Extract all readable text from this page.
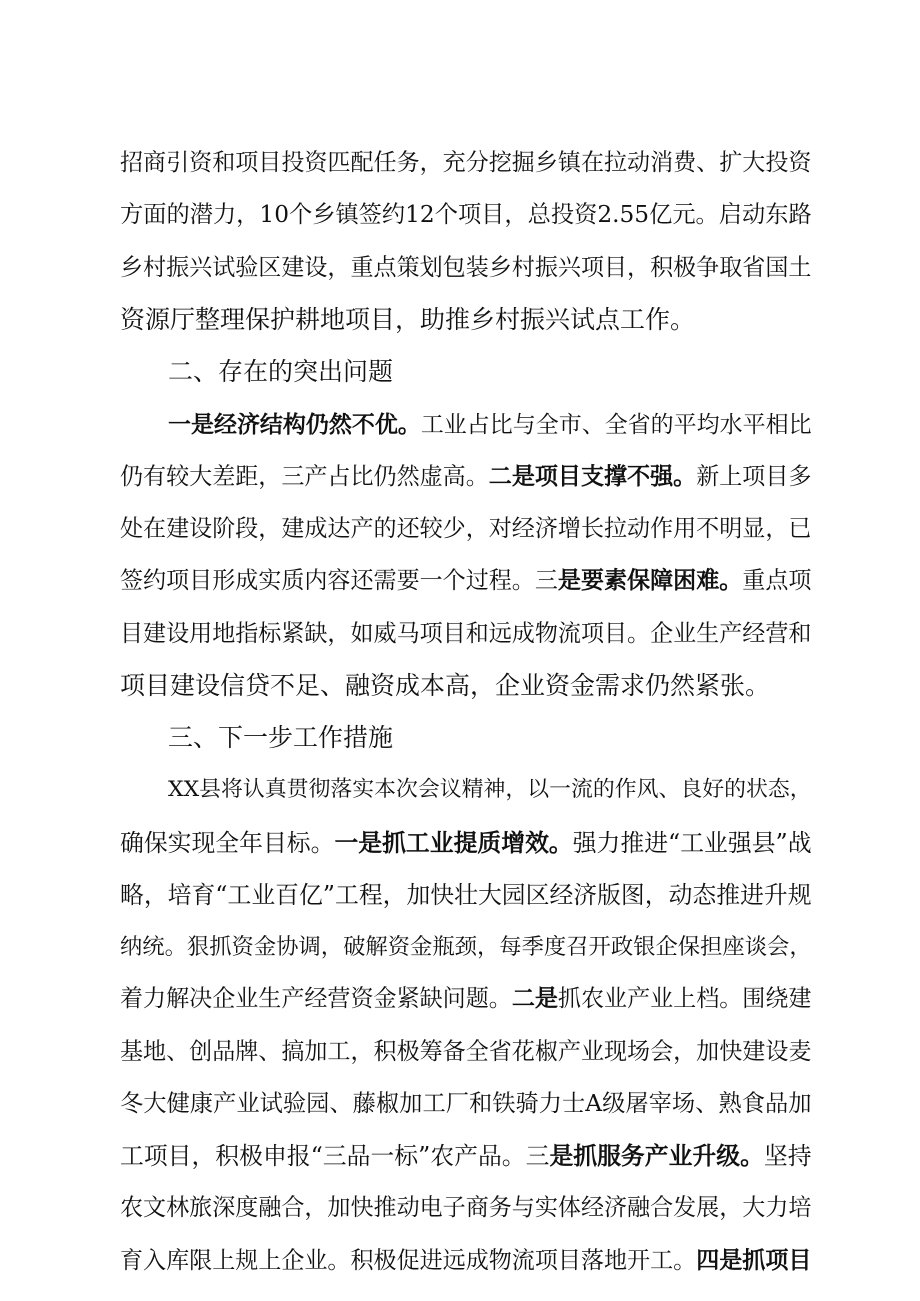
招商引资和项目投资匹配任务，充分挖掘乡镇在拉动消费、扩大投资
方面的潜力，10个乡镇签约12个项目，总投资2.55亿元。启动东路
乡村振兴试验区建设，重点策划包装乡村振兴项目，积极争取省国土
资源厅整理保护耕地项目，助推乡村振兴试点工作。
二、存在的突出问题
一是经济结构仍然不优。工业占比与全市、全省的平均水平相比
仍有较大差距，三产占比仍然虚高。二是项目支撑不强。新上项目多
处在建设阶段，建成达产的还较少，对经济增长拉动作用不明显，已
签约项目形成实质内容还需要一个过程。三是要素保障困难。重点项
目建设用地指标紧缺，如威马项目和远成物流项目。企业生产经营和
项目建设信贷不足、融资成本高，企业资金需求仍然紧张。
三、下一步工作措施
XX县将认真贯彻落实本次会议精神，以一流的作风、良好的状态，
确保实现全年目标。一是抓工业提质增效。强力推进“工业强县”战
略，培育“工业百亿”工程，加快壮大园区经济版图，动态推进升规
纳统。狠抓资金协调，破解资金瓶颈，每季度召开政银企保担座谈会，
着力解决企业生产经营资金紧缺问题。二是抓农业产业上档。围绕建
基地、创品牌、搞加工，积极筹备全省花椒产业现场会，加快建设麦
冬大健康产业试验园、藤椒加工厂和铁骑力士A级屠宰场、熟食品加
工项目，积极申报“三品一标”农产品。三是抓服务产业升级。坚持
农文林旅深度融合，加快推动电子商务与实体经济融合发展，大力培
育入库限上规上企业。积极促进远成物流项目落地开工。四是抓项目
